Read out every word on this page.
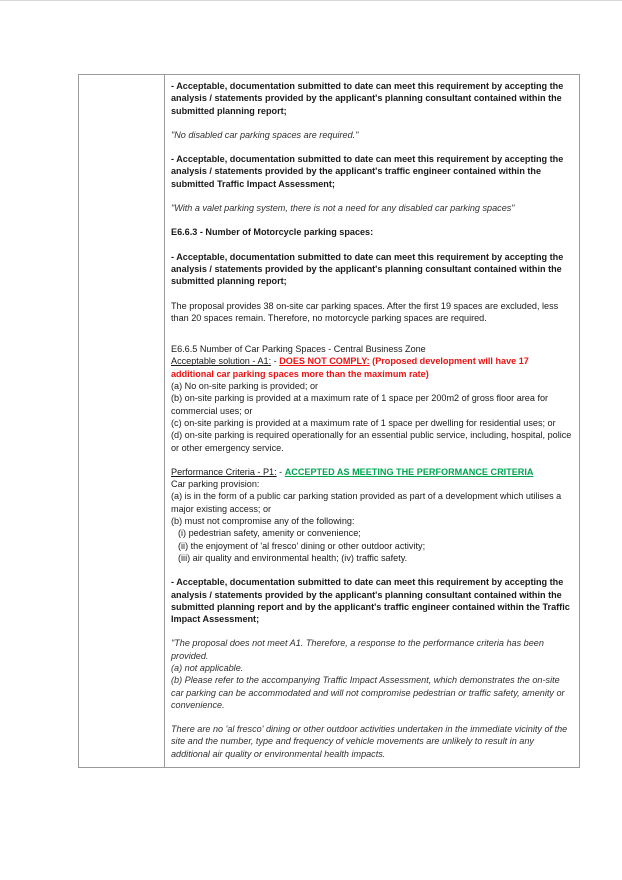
- Acceptable, documentation submitted to date can meet this requirement by accepting the analysis / statements provided by the applicant's planning consultant contained within the submitted planning report;

"No disabled car parking spaces are required."

- Acceptable, documentation submitted to date can meet this requirement by accepting the analysis / statements provided by the applicant's traffic engineer contained within the submitted Traffic Impact Assessment;

"With a valet parking system, there is not a need for any disabled car parking spaces"

E6.6.3 - Number of Motorcycle parking spaces:

- Acceptable, documentation submitted to date can meet this requirement by accepting the analysis / statements provided by the applicant's planning consultant contained within the submitted planning report;

The proposal provides 38 on-site car parking spaces. After the first 19 spaces are excluded, less than 20 spaces remain. Therefore, no motorcycle parking spaces are required.

E6.6.5 Number of Car Parking Spaces - Central Business Zone

Acceptable solution - A1: - DOES NOT COMPLY: (Proposed development will have 17 additional car parking spaces more than the maximum rate)

(a) No on-site parking is provided; or

(b) on-site parking is provided at a maximum rate of 1 space per 200m2 of gross floor area for commercial uses; or

(c) on-site parking is provided at a maximum rate of 1 space per dwelling for residential uses; or

(d) on-site parking is required operationally for an essential public service, including, hospital, police or other emergency service.

Performance Criteria - P1: - ACCEPTED AS MEETING THE PERFORMANCE CRITERIA

Car parking provision:

(a) is in the form of a public car parking station provided as part of a development which utilises a major existing access; or

(b) must not compromise any of the following:

(i) pedestrian safety, amenity or convenience;

(ii) the enjoyment of 'al fresco' dining or other outdoor activity;

(iii) air quality and environmental health; (iv) traffic safety.

- Acceptable, documentation submitted to date can meet this requirement by accepting the analysis / statements provided by the applicant's planning consultant contained within the submitted planning report and by the applicant's traffic engineer contained within the Traffic Impact Assessment;

"The proposal does not meet A1. Therefore, a response to the performance criteria has been provided.

(a) not applicable.

(b) Please refer to the accompanying Traffic Impact Assessment, which demonstrates the on-site car parking can be accommodated and will not compromise pedestrian or traffic safety, amenity or convenience.

There are no 'al fresco' dining or other outdoor activities undertaken in the immediate vicinity of the site and the number, type and frequency of vehicle movements are unlikely to result in any additional air quality or environmental health impacts.
